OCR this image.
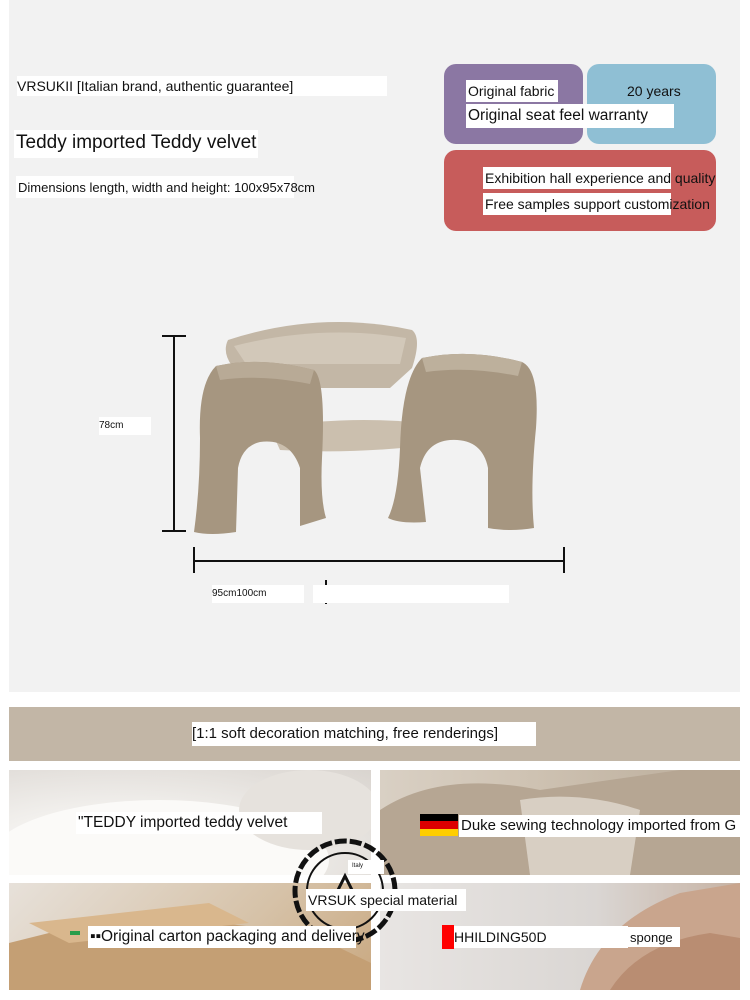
VRSUKII [Italian brand, authentic guarantee]
Teddy imported Teddy velvet
Dimensions length, width and height: 100x95x78cm
Original fabric	20 years
Original seat feel warranty
Exhibition hall experience and quality
Free samples support customization
78cm
95cm100cm
[1:1 soft decoration matching, free renderings]
"TEDDY imported teddy velvet	Duke sewing technology imported from G
Italy
VRSUK special material
▪▪Original carton packaging and delivery	HHILDING50D	sponge
